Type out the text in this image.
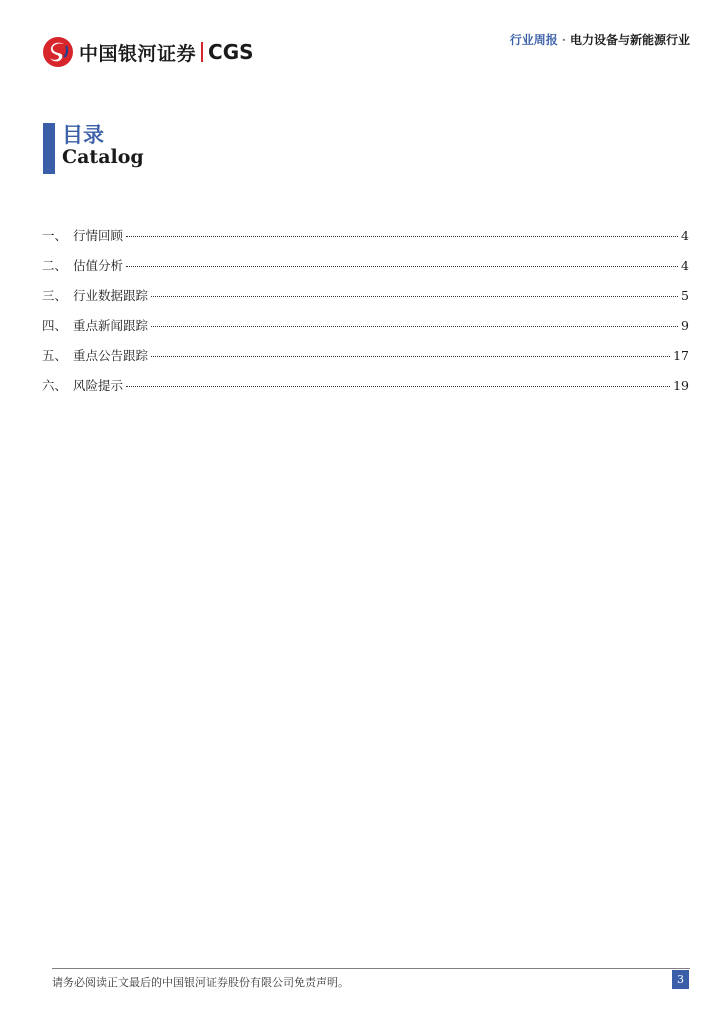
中国银河证券 CGS	行业周报 · 电力设备与新能源行业
目录
Catalog
一、 行情回顾	4
二、 估值分析	4
三、 行业数据跟踪	5
四、 重点新闻跟踪	9
五、 重点公告跟踪	17
六、 风险提示	19
请务必阅读正文最后的中国银河证券股份有限公司免责声明。	3
